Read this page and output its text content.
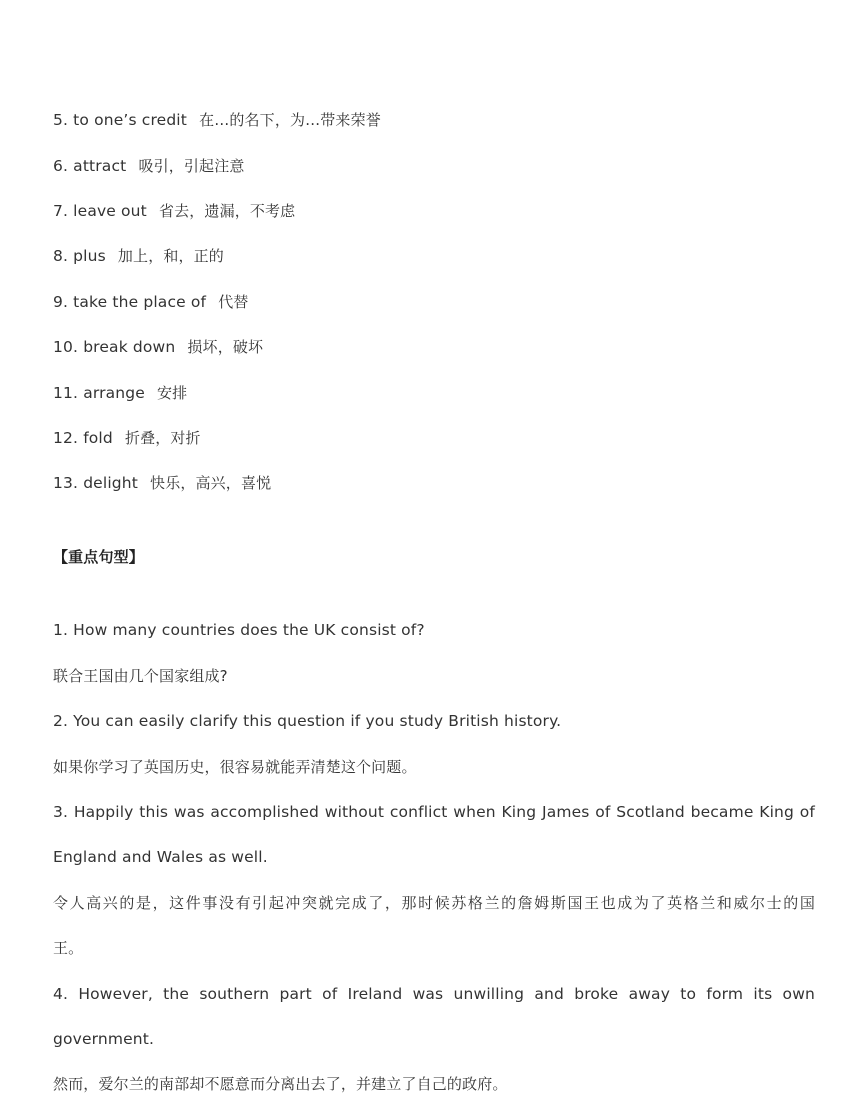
5. to one’s credit 在…的名下，为…带来荣誉
6. attract 吸引，引起注意
7. leave out 省去，遗漏，不考虑
8. plus 加上，和，正的
9. take the place of 代替
10. break down 损坏，破坏
11. arrange 安排
12. fold 折叠，对折
13. delight 快乐，高兴，喜悦
【重点句型】
1. How many countries does the UK consist of?
联合王国由几个国家组成?
2. You can easily clarify this question if you study British history.
如果你学习了英国历史，很容易就能弄清楚这个问题。
3. Happily this was accomplished without conflict when King James of Scotland became King of
England and Wales as well.
令人高兴的是，这件事没有引起冲突就完成了，那时候苏格兰的詹姆斯国王也成为了英格兰和威尔士的国
王。
4. However, the southern part of Ireland was unwilling and broke away to form its own
government.
然而，爱尔兰的南部却不愿意而分离出去了，并建立了自己的政府。
